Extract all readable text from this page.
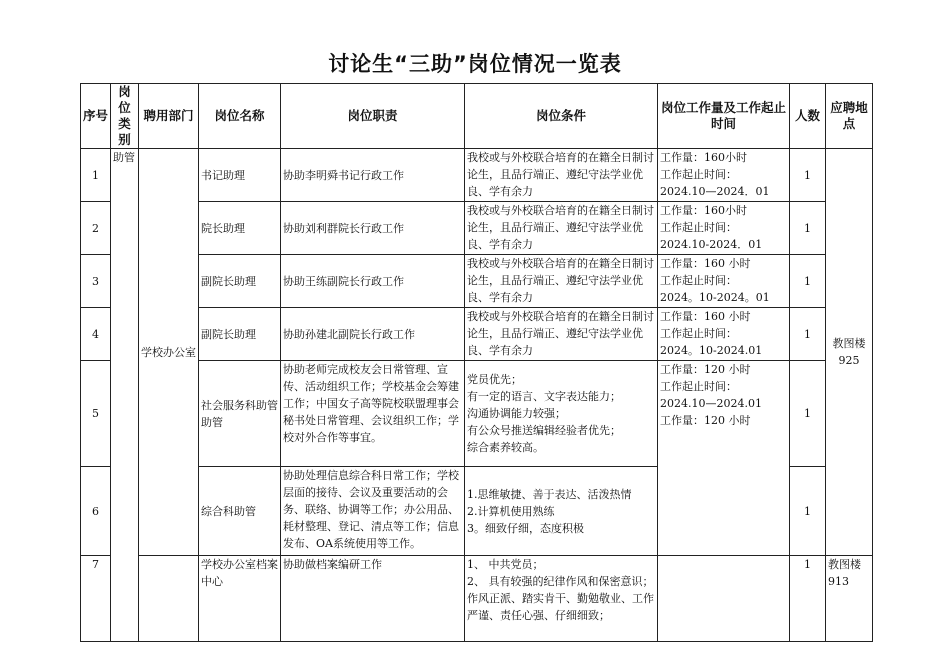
讨论生“三助”岗位情况一览表
序号	岗位类别	聘用部门	岗位名称	岗位职责	岗位条件	岗位工作量及工作起止时间	人数	应聘地点
1	助管	学校办公室	书记助理	协助李明舜书记行政工作	我校或与外校联合培育的在籍全日制讨论生，且品行端正、遵纪守法学业优良、学有余力	工作量：160小时
工作起止时间：
2024.10—2024．01	1	教图楼925
2			院长助理	协助刘利群院长行政工作	我校或与外校联合培育的在籍全日制讨论生，且品行端正、遵纪守法学业优良、学有余力	工作量：160小时
工作起止时间：
2024.10-2024．01	1	
3			副院长助理	协助王练副院长行政工作	我校或与外校联合培育的在籍全日制讨论生，且品行端正、遵纪守法学业优良、学有余力	工作量：160 小时
工作起止时间：
2024。10-2024。01	1	
4			副院长助理	协助孙建北副院长行政工作	我校或与外校联合培育的在籍全日制讨论生，且品行端正、遵纪守法学业优良、学有余力	工作量：160 小时
工作起止时间：
2024。10-2024.01	1	
5			社会服务科助管助管	协助老师完成校友会日常管理、宣传、活动组织工作；学校基金会筹建工作；中国女子高等院校联盟理事会秘书处日常管理、会议组织工作；学校对外合作等事宜。	党员优先；
有一定的语言、文字表达能力；
沟通协调能力较强；
有公众号推送编辑经验者优先；
综合素养较高。	工作量：120 小时
工作起止时间：
2024.10—2024.01
工作量：120 小时	1	
6			综合科助管	协助处理信息综合科日常工作；学校层面的接待、会议及重要活动的会务、联络、协调等工作；办公用品、耗材整理、登记、清点等工作；信息发布、OA系统使用等工作。	1.思维敏捷、善于表达、活泼热情
2.计算机使用熟练
3。细致仔细，态度积极		1	
7			学校办公室档案中心	协助做档案编研工作	1、 中共党员；
2、 具有较强的纪律作风和保密意识；作风正派、踏实肯干、勤勉敬业、工作严谨、责任心强、仔细细致；		1	教图楼913
